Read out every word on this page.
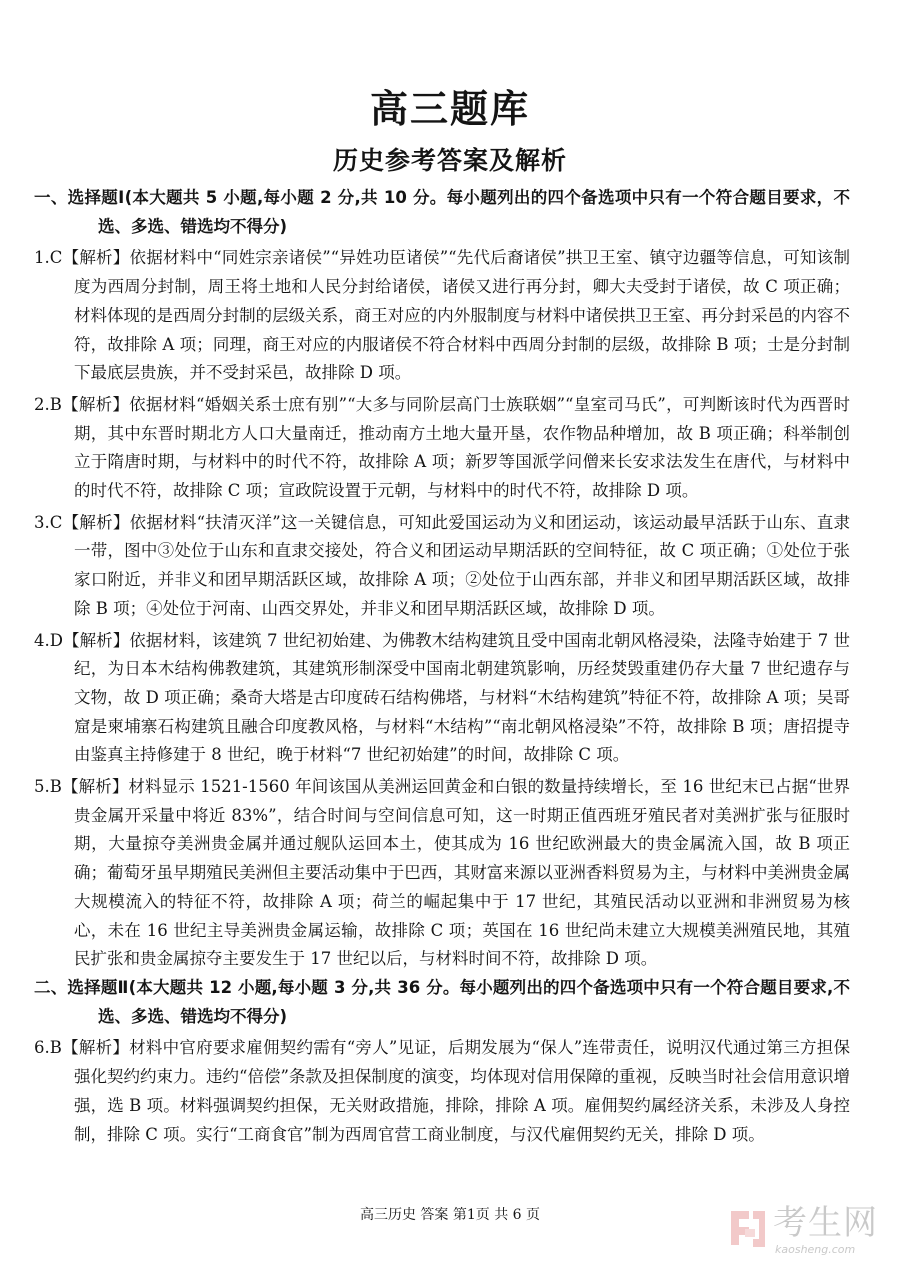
高三题库
历史参考答案及解析
一、选择题Ⅰ(本大题共 5 小题,每小题 2 分,共 10 分。每小题列出的四个备选项中只有一个符合题目要求，不选、多选、错选均不得分)
1.C【解析】依据材料中“同姓宗亲诸侯”“异姓功臣诸侯”“先代后裔诸侯”拱卫王室、镇守边疆等信息，可知该制度为西周分封制，周王将土地和人民分封给诸侯，诸侯又进行再分封，卿大夫受封于诸侯，故 C 项正确；材料体现的是西周分封制的层级关系，商王对应的内外服制度与材料中诸侯拱卫王室、再分封采邑的内容不符，故排除 A 项；同理，商王对应的内服诸侯不符合材料中西周分封制的层级，故排除 B 项；士是分封制下最底层贵族，并不受封采邑，故排除 D 项。
2.B【解析】依据材料“婚姻关系士庶有别”“大多与同阶层高门士族联姻”“皇室司马氏”，可判断该时代为西晋时期，其中东晋时期北方人口大量南迁，推动南方土地大量开垦，农作物品种增加，故 B 项正确；科举制创立于隋唐时期，与材料中的时代不符，故排除 A 项；新罗等国派学问僧来长安求法发生在唐代，与材料中的时代不符，故排除 C 项；宣政院设置于元朝，与材料中的时代不符，故排除 D 项。
3.C【解析】依据材料“扶清灭洋”这一关键信息，可知此爱国运动为义和团运动，该运动最早活跃于山东、直隶一带，图中③处位于山东和直隶交接处，符合义和团运动早期活跃的空间特征，故 C 项正确；①处位于张家口附近，并非义和团早期活跃区域，故排除 A 项；②处位于山西东部，并非义和团早期活跃区域，故排除 B 项；④处位于河南、山西交界处，并非义和团早期活跃区域，故排除 D 项。
4.D【解析】依据材料，该建筑 7 世纪初始建、为佛教木结构建筑且受中国南北朝风格浸染，法隆寺始建于 7 世纪，为日本木结构佛教建筑，其建筑形制深受中国南北朝建筑影响，历经焚毁重建仍存大量 7 世纪遗存与文物，故 D 项正确；桑奇大塔是古印度砖石结构佛塔，与材料“木结构建筑”特征不符，故排除 A 项；吴哥窟是柬埔寨石构建筑且融合印度教风格，与材料“木结构”“南北朝风格浸染”不符，故排除 B 项；唐招提寺由鉴真主持修建于 8 世纪，晚于材料“7 世纪初始建”的时间，故排除 C 项。
5.B【解析】材料显示 1521-1560 年间该国从美洲运回黄金和白银的数量持续增长，至 16 世纪末已占据“世界贵金属开采量中将近 83%”，结合时间与空间信息可知，这一时期正值西班牙殖民者对美洲扩张与征服时期，大量掠夺美洲贵金属并通过舰队运回本土，使其成为 16 世纪欧洲最大的贵金属流入国，故 B 项正确；葡萄牙虽早期殖民美洲但主要活动集中于巴西，其财富来源以亚洲香料贸易为主，与材料中美洲贵金属大规模流入的特征不符，故排除 A 项；荷兰的崛起集中于 17 世纪，其殖民活动以亚洲和非洲贸易为核心，未在 16 世纪主导美洲贵金属运输，故排除 C 项；英国在 16 世纪尚未建立大规模美洲殖民地，其殖民扩张和贵金属掠夺主要发生于 17 世纪以后，与材料时间不符，故排除 D 项。
二、选择题Ⅱ(本大题共 12 小题,每小题 3 分,共 36 分。每小题列出的四个备选项中只有一个符合题目要求,不选、多选、错选均不得分)
6.B【解析】材料中官府要求雇佣契约需有“旁人”见证，后期发展为“保人”连带责任，说明汉代通过第三方担保强化契约约束力。违约“倍偿”条款及担保制度的演变，均体现对信用保障的重视，反映当时社会信用意识增强，选 B 项。材料强调契约担保，无关财政措施，排除，排除 A 项。雇佣契约属经济关系，未涉及人身控制，排除 C 项。实行“工商食官”制为西周官营工商业制度，与汉代雇佣契约无关，排除 D 项。
高三历史 答案 第1页 共 6 页	考生网
kaosheng.com
